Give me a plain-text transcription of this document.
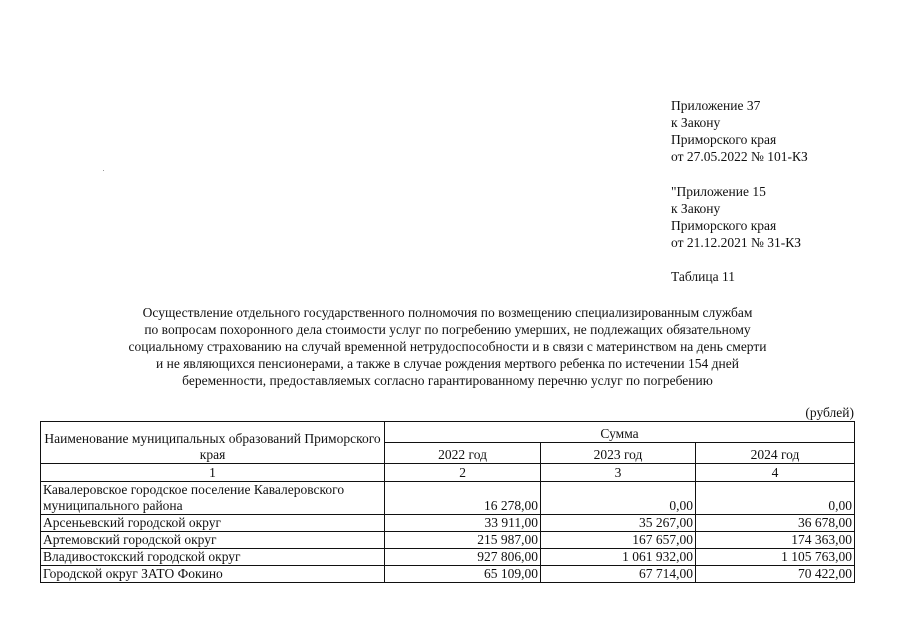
Приложение 37
к Закону
Приморского края
от 27.05.2022 № 101-КЗ
"Приложение 15
к Закону
Приморского края
от 21.12.2021 № 31-КЗ
Таблица 11
Осуществление отдельного государственного полномочия по возмещению специализированным службам
по вопросам похоронного дела стоимости услуг по погребению умерших, не подлежащих обязательному
социальному страхованию на случай временной нетрудоспособности и в связи с материнством на день смерти
и не являющихся пенсионерами, а также в случае рождения мертвого ребенка по истечении 154 дней
беременности, предоставляемых согласно гарантированному перечню услуг по погребению
(рублей)
Наименование муниципальных образований Приморского края	Сумма		
	2022 год	2023 год	2024 год
1	2	3	4
Кавалеровское городское поселение Кавалеровского муниципального района	16 278,00	0,00	0,00
Арсеньевский городской округ	33 911,00	35 267,00	36 678,00
Артемовский городской округ	215 987,00	167 657,00	174 363,00
Владивостокский городской округ	927 806,00	1 061 932,00	1 105 763,00
Городской округ ЗАТО Фокино	65 109,00	67 714,00	70 422,00
